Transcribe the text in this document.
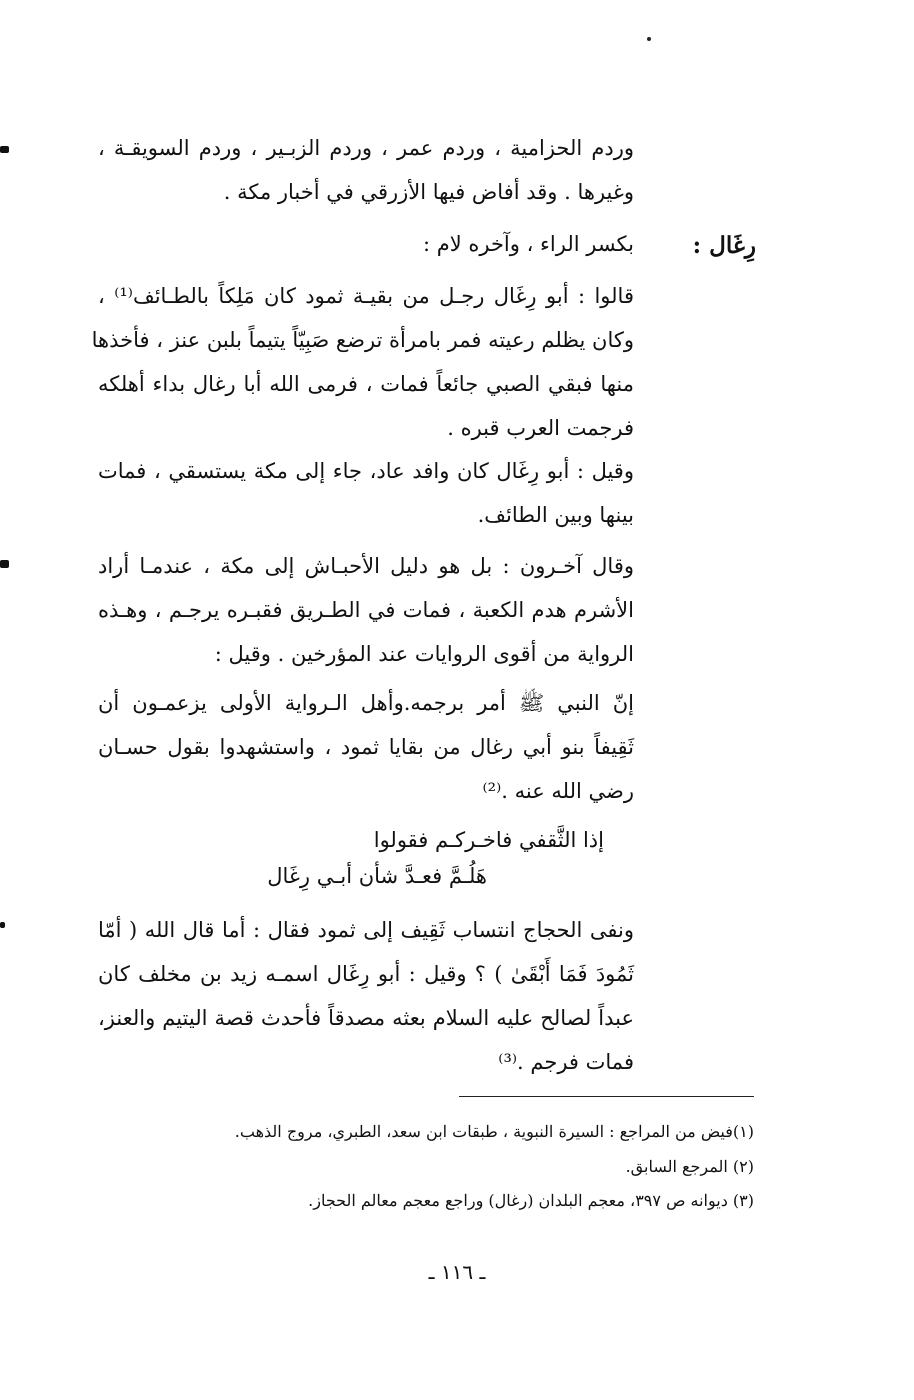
وردم الحزامية ، وردم عمر ، وردم الزبـير ، وردم السويقـة ،
وغيرها . وقد أفاض فيها الأزرقي في أخبار مكة .
رِغَال :
بكسر الراء ، وآخره لام :
قالوا : أبو رِغَال رجـل من بقيـة ثمود كان مَلِكاً بالطـائف⁽¹⁾ ،
وكان يظلم رعيته فمر بامرأة ترضع صَبِيّاً يتيماً بلبن عنز ، فأخذها
منها فبقي الصبي جائعاً فمات ، فرمى الله أبا رغال بداء أهلكه
فرجمت العرب قبره .
وقيل : أبو رِغَال كان وافد عاد، جاء إلى مكة يستسقي ، فمات
بينها وبين الطائف.
وقال آخـرون : بل هو دليل الأحبـاش إلى مكة ، عندمـا أراد
الأشرم هدم الكعبة ، فمات في الطـريق فقبـره يرجـم ، وهـذه
الرواية من أقوى الروايات عند المؤرخين . وقيل :
إنّ النبي ﷺ أمر برجمه.وأهل الـرواية الأولى يزعمـون أن
ثَقِيفاً بنو أبي رغال من بقايا ثمود ، واستشهدوا بقول حسـان
رضي الله عنه .⁽²⁾
إذا الثَّقفي فاخـركـم فقولوا
هَلُـمَّ فعـدَّ شأن أبـي رِغَال
ونفى الحجاج انتساب ثَقِيف إلى ثمود فقال : أما قال الله ( أمّا
ثَمُودَ فَمَا أَبْقَىٰ ) ؟ وقيل : أبو رِغَال اسمـه زيد بن مخلف كان
عبداً لصالح عليه السلام بعثه مصدقاً فأحدث قصة اليتيم والعنز،
فمات فرجم .⁽³⁾
(١)فيض من المراجع : السيرة النبوية ، طبقات ابن سعد، الطبري، مروج الذهب.
(٢) المرجع السابق.
(٣) ديوانه ص ٣٩٧، معجم البلدان (رغال) وراجع معجم معالم الحجاز.
ـ ١١٦ ـ
